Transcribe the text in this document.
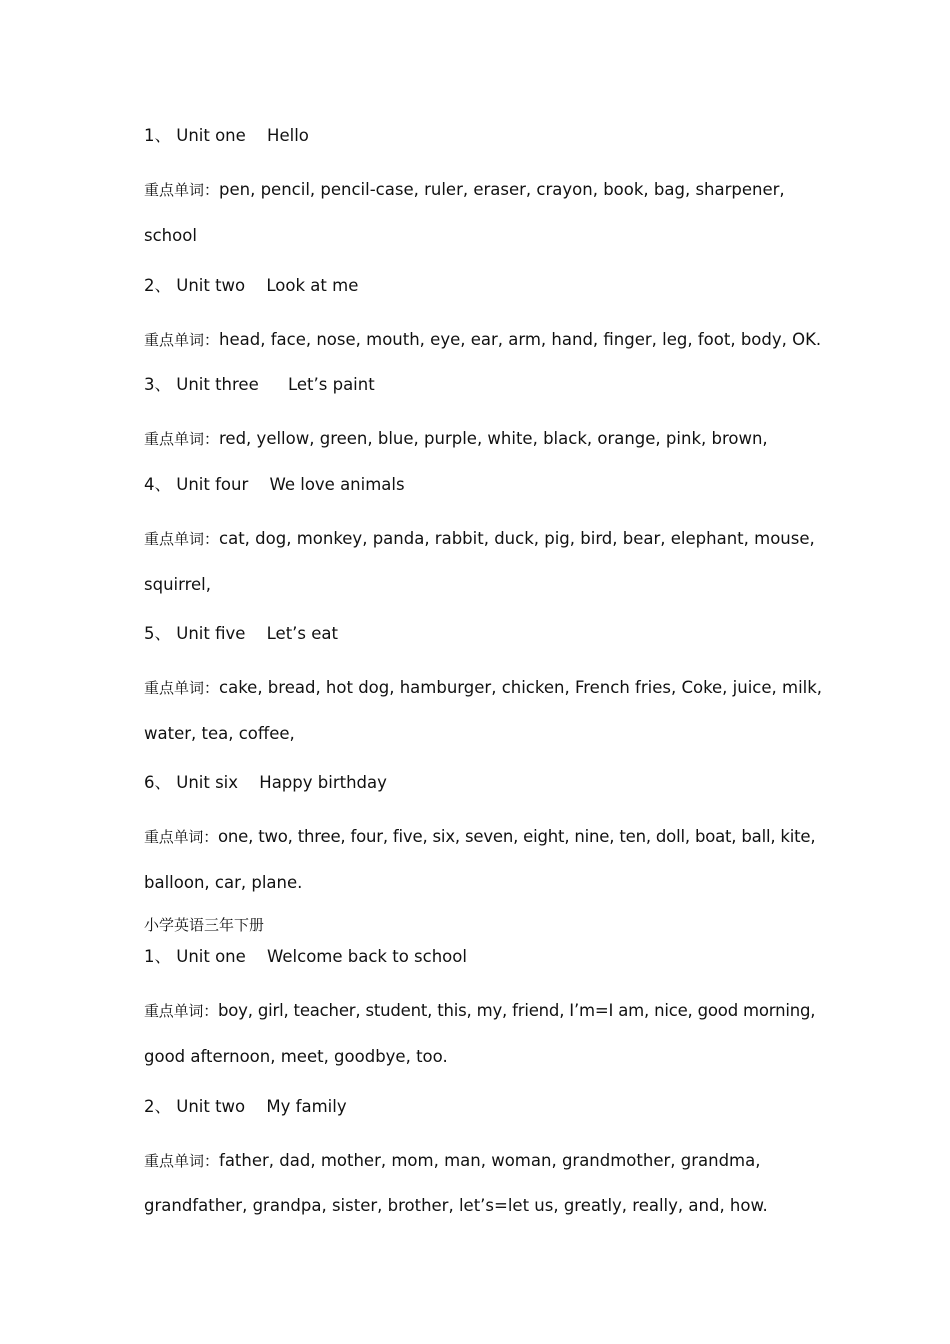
1、 Unit one Hello
重点单词：pen, pencil, pencil-case, ruler, eraser, crayon, book, bag, sharpener,
school
2、 Unit two Look at me
重点单词：head, face, nose, mouth, eye, ear, arm, hand, finger, leg, foot, body, OK.
3、 Unit three Let’s paint
重点单词：red, yellow, green, blue, purple, white, black, orange, pink, brown,
4、 Unit four We love animals
重点单词：cat, dog, monkey, panda, rabbit, duck, pig, bird, bear, elephant, mouse,
squirrel,
5、 Unit five Let’s eat
重点单词：cake, bread, hot dog, hamburger, chicken, French fries, Coke, juice, milk,
water, tea, coffee,
6、 Unit six Happy birthday
重点单词：one, two, three, four, five, six, seven, eight, nine, ten, doll, boat, ball, kite,
balloon, car, plane.
小学英语三年下册
1、 Unit one Welcome back to school
重点单词：boy, girl, teacher, student, this, my, friend, I’m=I am, nice, good morning,
good afternoon, meet, goodbye, too.
2、 Unit two My family
重点单词：father, dad, mother, mom, man, woman, grandmother, grandma,
grandfather, grandpa, sister, brother, let’s=let us, greatly, really, and, how.
